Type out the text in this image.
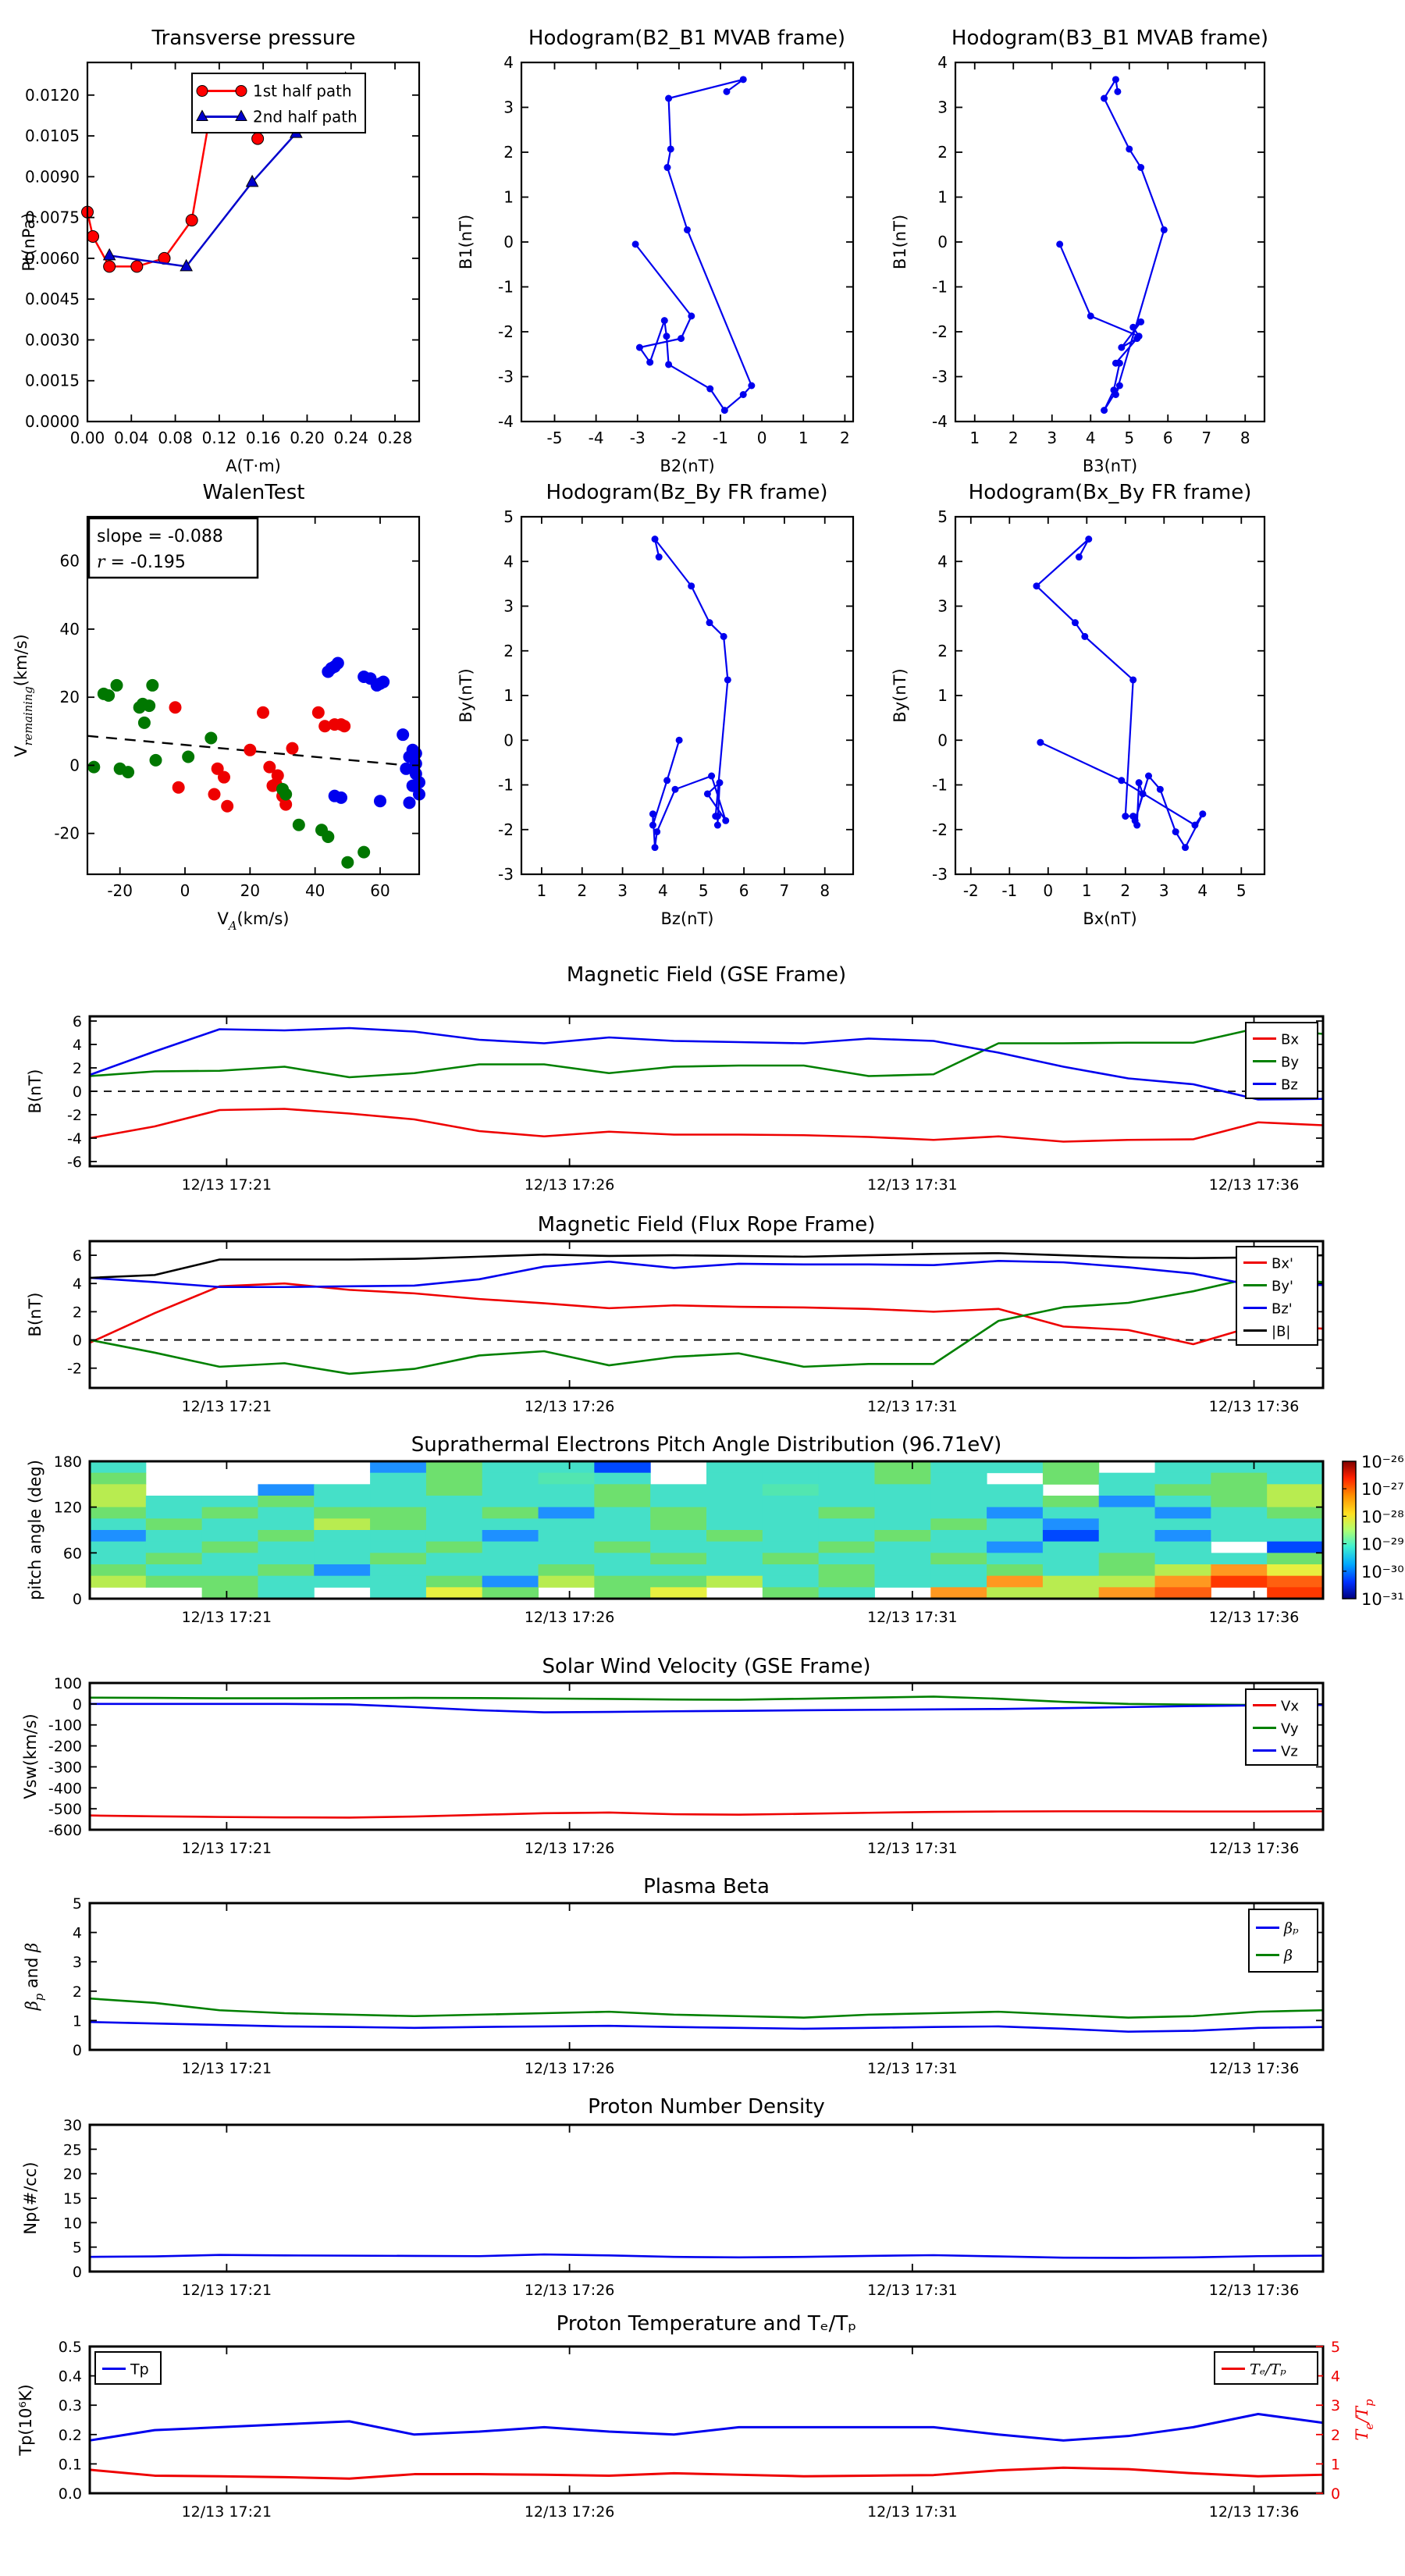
0.00 0.04 0.08 0.12 0.16 0.20 0.24 0.28
0.0000
0.0015
0.0030
0.0045
0.0060
0.0075
0.0090
0.0105
0.0120
A(T·m)
Pt(nPa)
1st half path
2nd half path
-5 -4 -3 -2 -1 0 1 2
-4
-3
-2
-1
0
1
2
3
4
B2(nT)
B1(nT)
1 2 3 4 5 6 7 8
-4
-3
-2
-1
0
1
2
3
4
B3(nT)
B1(nT)
-20	0	20	40	60
-20
0
20
40
60
$V_A(km/s)$
$V_{remaining}(km/s)$
slope = -0.088
r = -0.195
1 2 3 4 5 6 7 8
-3
-2
-1
0
1
2
3
4
5
Bz(nT)
By(nT)
-2 -1 0 1 2 3 4 5
-3
-2
-1
0
1
2
3
4
5
Bx(nT)
By(nT)
12/13 17:21	12/13 17:26	12/13 17:31	12/13 17:36
-6
-4
-2
0
2
4
6
B(nT)
Bx
By
Bz
12/13 17:21	12/13 17:26	12/13 17:31	12/13 17:36
-2
0
2
4
6
B(nT)
Bx'
By'
Bz'
|B|
12/13 17:21	12/13 17:26	12/13 17:31	12/13 17:36
0
60
120
180
pitch angle (deg)	10⁻²⁶
10⁻²⁷
10⁻²⁸
10⁻²⁹
10⁻³⁰
10⁻³¹
12/13 17:21	12/13 17:26	12/13 17:31	12/13 17:36
-600
-500
-400
-300
-200
-100
0
100
Vsw(km/s)
Vx
Vy
Vz
12/13 17:21	12/13 17:26	12/13 17:31	12/13 17:36
0
1
2
3
4
5
$\beta_p$ and β
βₚ
β
12/13 17:21	12/13 17:26	12/13 17:31	12/13 17:36
0
5
10
15
20
25
30
Np(#/cc)
12/13 17:21	12/13 17:26	12/13 17:31	12/13 17:36
0.0
0.1
0.2
0.3
0.4
0.5
0
1
2
3
4
5
Tp(10⁶K)	$T_e/T_p$
Tp	Tₑ/Tₚ
Transverse pressure	Hodogram(B2_B1 MVAB frame)	Hodogram(B3_B1 MVAB frame)
WalenTest	Hodogram(Bz_By FR frame)	Hodogram(Bx_By FR frame)
Magnetic Field (GSE Frame)
Magnetic Field (Flux Rope Frame)
Suprathermal Electrons Pitch Angle Distribution (96.71eV)
Solar Wind Velocity (GSE Frame)
Plasma Beta
Proton Number Density
Proton Temperature and Tₑ/Tₚ
